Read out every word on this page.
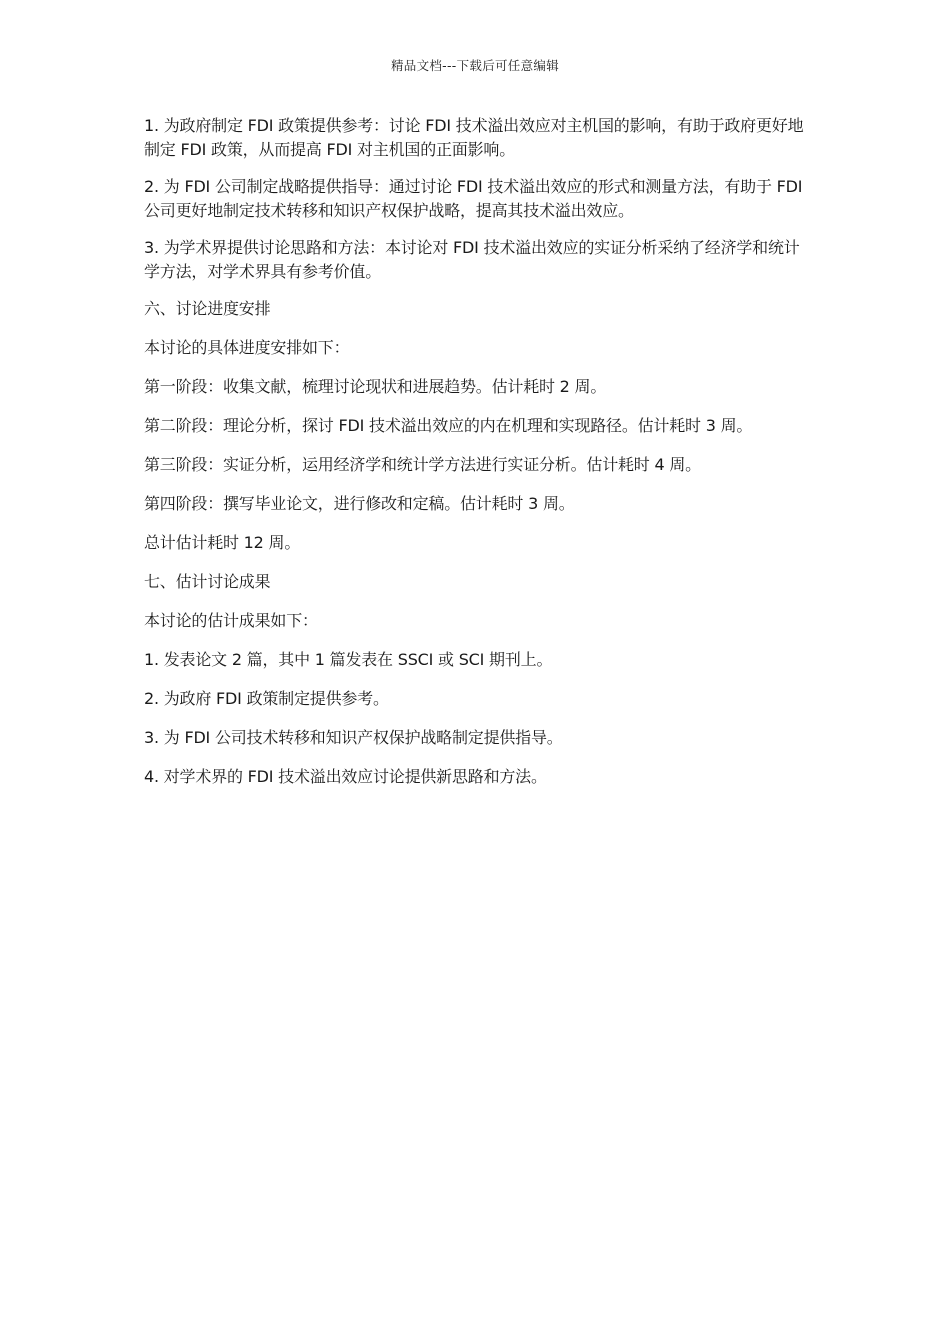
精品文档---下载后可任意编辑

1. 为政府制定 FDI 政策提供参考：讨论 FDI 技术溢出效应对主机国的影响，有助于政府更好地制定 FDI 政策，从而提高 FDI 对主机国的正面影响。

2. 为 FDI 公司制定战略提供指导：通过讨论 FDI 技术溢出效应的形式和测量方法，有助于 FDI 公司更好地制定技术转移和知识产权保护战略，提高其技术溢出效应。

3. 为学术界提供讨论思路和方法：本讨论对 FDI 技术溢出效应的实证分析采纳了经济学和统计学方法，对学术界具有参考价值。

六、讨论进度安排

本讨论的具体进度安排如下：

第一阶段：收集文献，梳理讨论现状和进展趋势。估计耗时 2 周。

第二阶段：理论分析，探讨 FDI 技术溢出效应的内在机理和实现路径。估计耗时 3 周。

第三阶段：实证分析，运用经济学和统计学方法进行实证分析。估计耗时 4 周。

第四阶段：撰写毕业论文，进行修改和定稿。估计耗时 3 周。

总计估计耗时 12 周。

七、估计讨论成果

本讨论的估计成果如下：

1. 发表论文 2 篇，其中 1 篇发表在 SSCI 或 SCI 期刊上。

2. 为政府 FDI 政策制定提供参考。

3. 为 FDI 公司技术转移和知识产权保护战略制定提供指导。

4. 对学术界的 FDI 技术溢出效应讨论提供新思路和方法。
